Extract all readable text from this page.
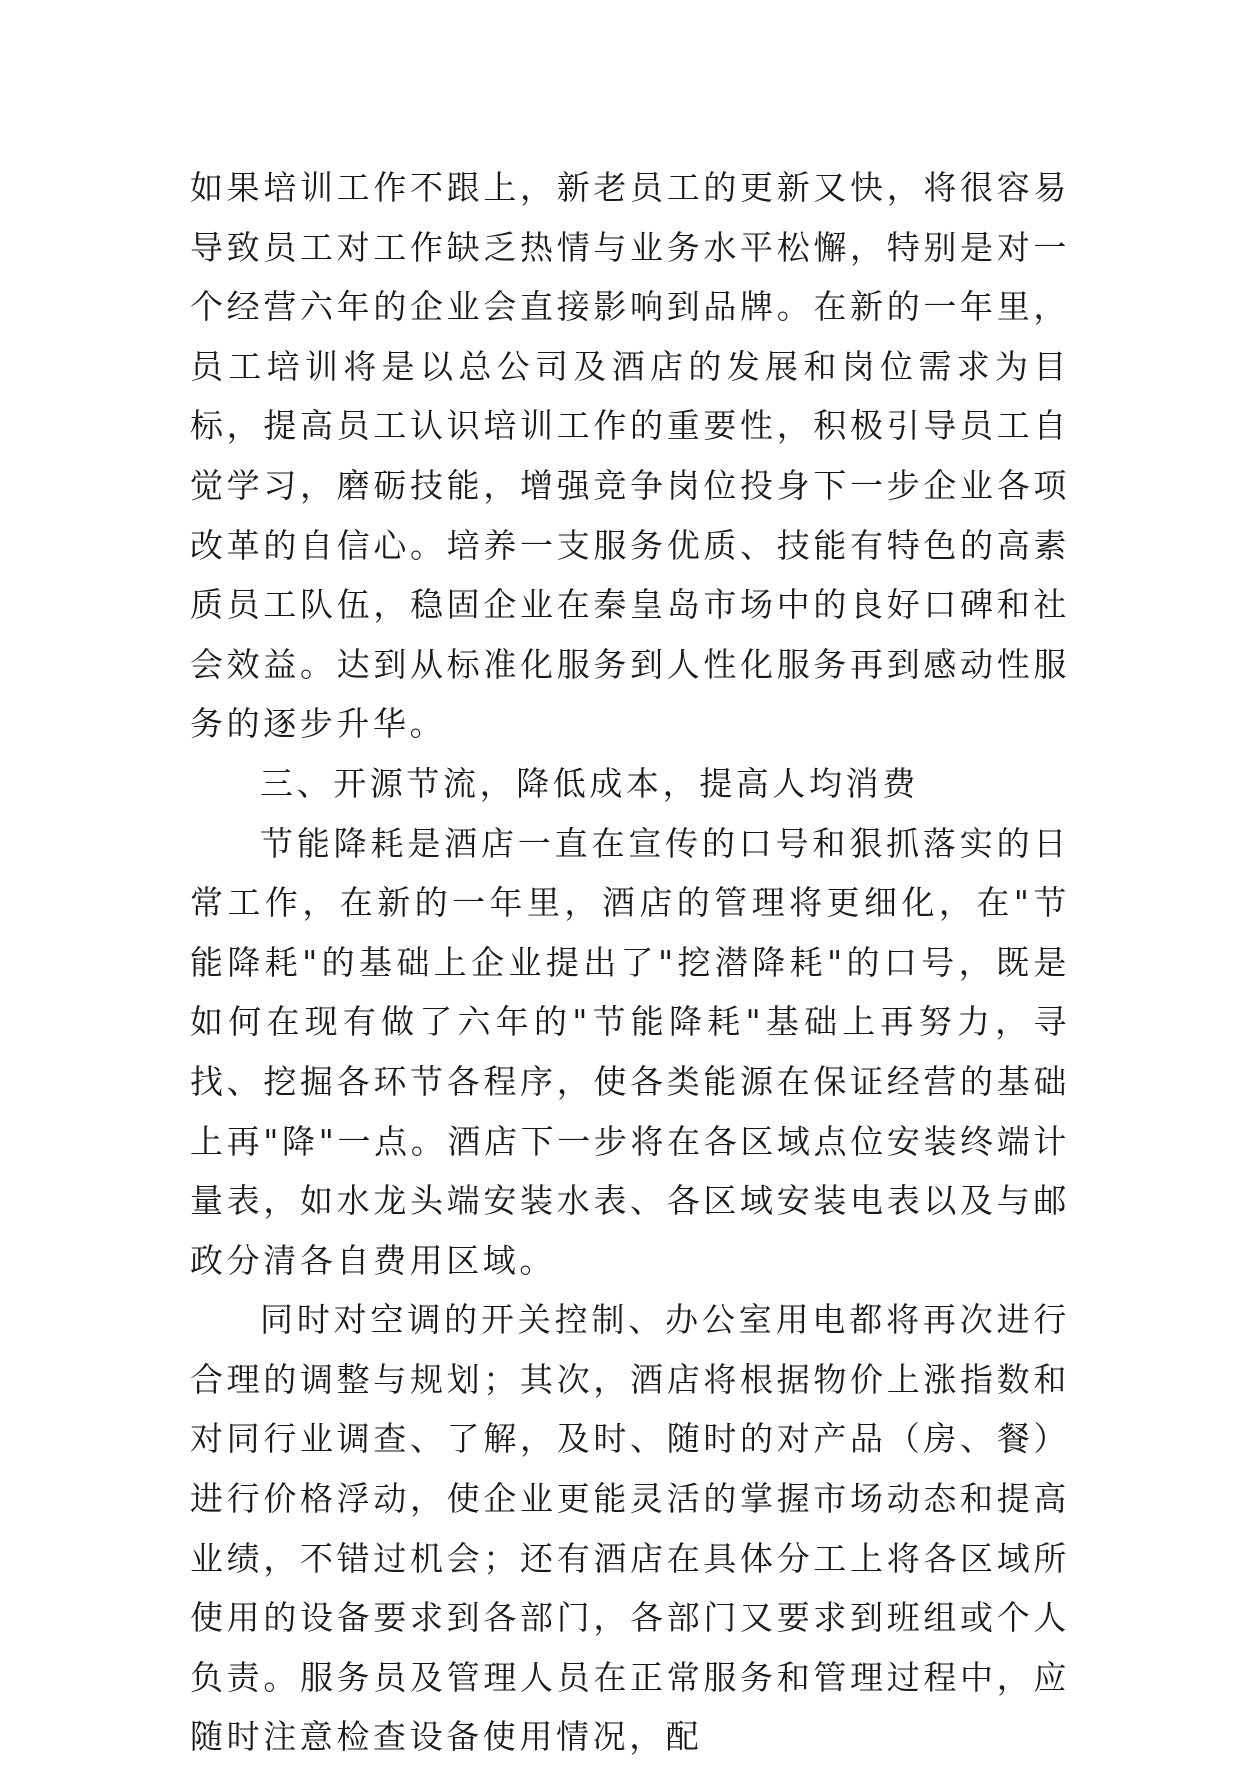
如果培训工作不跟上，新老员工的更新又快，将很容易导致员工对工作缺乏热情与业务水平松懈，特别是对一个经营六年的企业会直接影响到品牌。在新的一年里，员工培训将是以总公司及酒店的发展和岗位需求为目标，提高员工认识培训工作的重要性，积极引导员工自觉学习，磨砺技能，增强竞争岗位投身下一步企业各项改革的自信心。培养一支服务优质、技能有特色的高素质员工队伍，稳固企业在秦皇岛市场中的良好口碑和社会效益。达到从标准化服务到人性化服务再到感动性服务的逐步升华。

三、开源节流，降低成本，提高人均消费

节能降耗是酒店一直在宣传的口号和狠抓落实的日常工作，在新的一年里，酒店的管理将更细化，在"节能降耗"的基础上企业提出了"挖潜降耗"的口号，既是如何在现有做了六年的"节能降耗"基础上再努力，寻找、挖掘各环节各程序，使各类能源在保证经营的基础上再"降"一点。酒店下一步将在各区域点位安装终端计量表，如水龙头端安装水表、各区域安装电表以及与邮政分清各自费用区域。

同时对空调的开关控制、办公室用电都将再次进行合理的调整与规划；其次，酒店将根据物价上涨指数和对同行业调查、了解，及时、随时的对产品（房、餐）进行价格浮动，使企业更能灵活的掌握市场动态和提高业绩，不错过机会；还有酒店在具体分工上将各区域所使用的设备要求到各部门，各部门又要求到班组或个人负责。服务员及管理人员在正常服务和管理过程中，应随时注意检查设备使用情况，配
